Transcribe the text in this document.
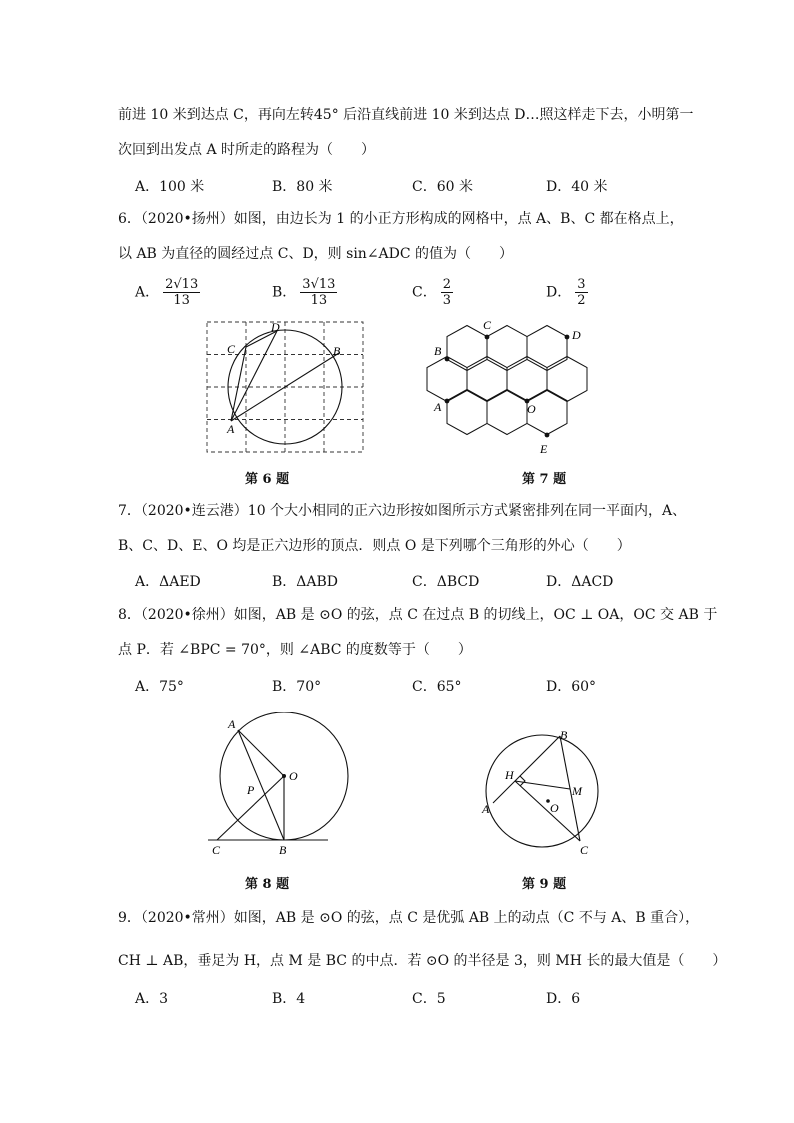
前进 10 米到达点 C，再向左转45° 后沿直线前进 10 米到达点 D…照这样走下去，小明第一
次回到出发点 A 时所走的路程为（　　）
A．100 米	B．80 米	C．60 米	D．40 米
6．（2020•扬州）如图，由边长为 1 的小正方形构成的网格中，点 A、B、C 都在格点上，
以 AB 为直径的圆经过点 C、D，则 sin∠ADC 的值为（　　）
A． $\frac{2√13}{13}$	B． $\frac{3√13}{13}$	C． $\frac{2}{3}$	D． $\frac{3}{2}$
D
C	B
A
第 6 题
C
D
B
A	O
E
第 7 题
7．（2020•连云港）10 个大小相同的正六边形按如图所示方式紧密排列在同一平面内，A、
B、C、D、E、O 均是正六边形的顶点．则点 O 是下列哪个三角形的外心（　　）
A．ΔAED	B．ΔABD	C．ΔBCD	D．ΔACD
8．（2020•徐州）如图，AB 是 ⊙O 的弦，点 C 在过点 B 的切线上，OC ⊥ OA，OC 交 AB 于
点 P．若 ∠BPC = 70°，则 ∠ABC 的度数等于（　　）
A．75°	B．70°	C．65°	D．60°
A
O
P
C	B
第 8 题
B
H
M
O
A
C
第 9 题
9．（2020•常州）如图，AB 是 ⊙O 的弦，点 C 是优弧 AB 上的动点（C 不与 A、B 重合），
CH ⊥ AB，垂足为 H，点 M 是 BC 的中点．若 ⊙O 的半径是 3，则 MH 长的最大值是（　　）
A．3	B．4	C．5	D．6
